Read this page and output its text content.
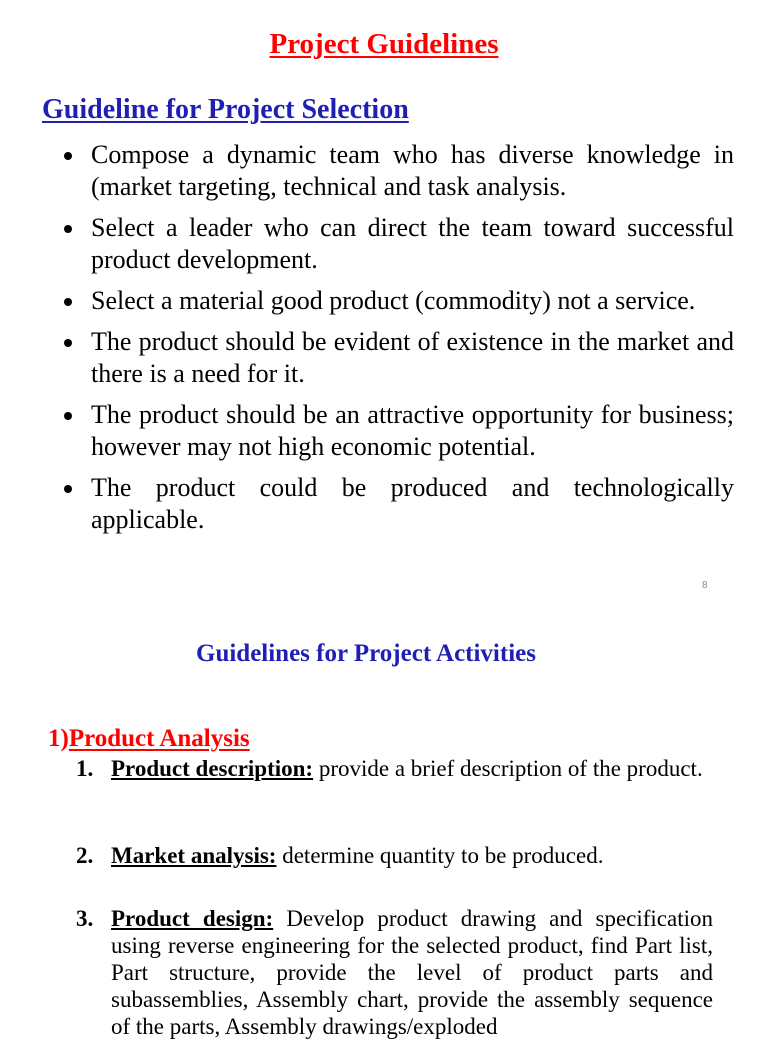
Project Guidelines
Guideline for Project Selection
Compose a dynamic team who has diverse knowledge in (market targeting, technical and task analysis.
Select a leader who can direct the team toward successful product development.
Select a material good product (commodity) not a service.
The product should be evident of existence in the market and there is a need for it.
The product should be an attractive opportunity for business; however may not high economic potential.
The product could be produced and technologically applicable.
8
Guidelines for Project Activities
1)Product Analysis
1. Product description: provide a brief description of the product.
2. Market analysis: determine quantity to be produced.
3. Product design: Develop product drawing and specification using reverse engineering for the selected product, find Part list, Part structure, provide the level of product parts and subassemblies, Assembly chart, provide the assembly sequence of the parts, Assembly drawings/exploded
